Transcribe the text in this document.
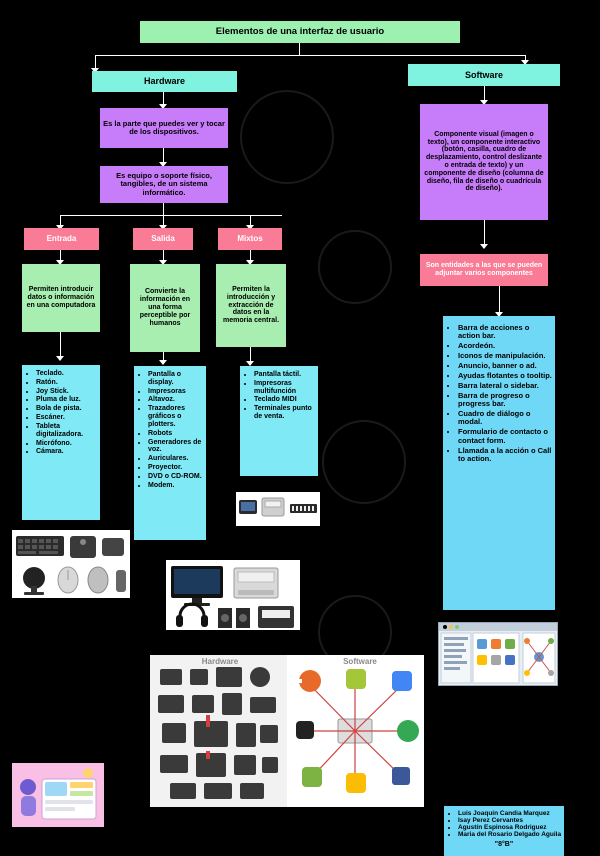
Elementos de una interfaz de usuario
Hardware
Software
Es la parte que puedes ver y tocar de los dispositivos.
Es equipo o soporte físico, tangibles, de un sistema informático.
Componente visual (imagen o texto), un componente interactivo (botón, casilla, cuadro de desplazamiento, control deslizante o entrada de texto) y un componente de diseño (columna de diseño, fila de diseño o cuadrícula de diseño).
Son entidades a las que se pueden adjuntar varios componentes
Entrada
Permiten introducir datos o información en una computadora
• Teclado.
• Ratón.
• Joy Stick.
• Pluma de luz.
• Bola de pista.
• Escáner.
• Tableta digitalizadora.
• Micrófono.
• Cámara.
Salida
Convierte la información en una forma perceptible por humanos
• Pantalla o display.
• Impresoras
• Altavoz.
• Trazadores gráficos o plotters.
• Robots
• Generadores de voz.
• Auriculares.
• Proyector.
• DVD o CD-ROM.
• Modem.
Mixtos
Permiten la introducción y extracción de datos en la memoria central.
• Pantalla táctil.
• Impresoras multifunción
• Teclado MIDI
• Terminales punto de venta.
• Barra de acciones o action bar.
• Acordeón.
• Iconos de manipulación.
• Anuncio, banner o ad.
• Ayudas flotantes o tooltip.
• Barra lateral o sidebar.
• Barra de progreso o progress bar.
• Cuadro de diálogo o modal.
• Formulario de contacto o contact form.
• Llamada a la acción o Call to action.
Hardware	Software
• Luis Joaquín Candia Marquez
• Isay Perez Cervantes
• Agustín Espinosa Rodriguez
• Maria del Rosario Delgado Aguila
"8°B"
